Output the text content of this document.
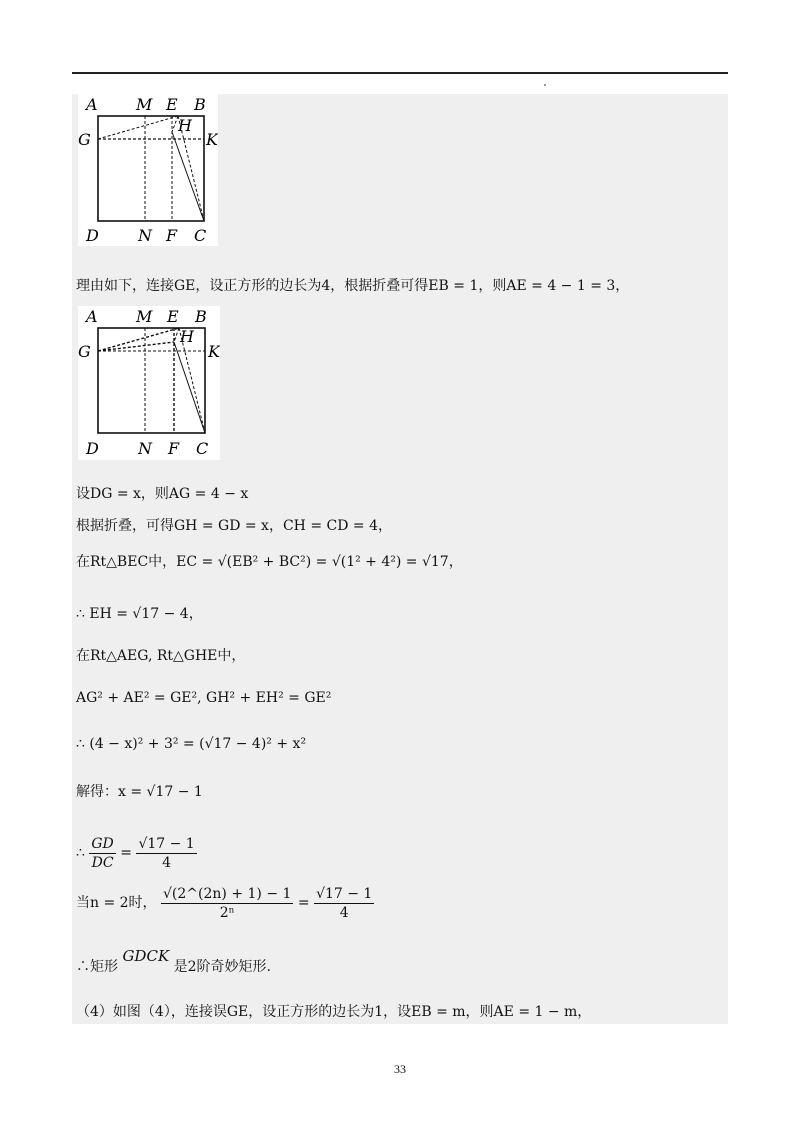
A M E B
H
G	K
D N F C
理由如下，连接GE，设正方形的边长为4，根据折叠可得EB = 1，则AE = 4 − 1 = 3，
A M E B
H
G	K
D N F C
设DG = x，则AG = 4 − x
根据折叠，可得GH = GD = x，CH = CD = 4，
在Rt△BEC中，EC = √(EB² + BC²) = √(1² + 4²) = √17，
∴ EH = √17 − 4，
在Rt△AEG, Rt△GHE中，
AG² + AE² = GE², GH² + EH² = GE²
∴ (4 − x)² + 3² = (√17 − 4)² + x²
解得：x = √17 − 1
∴ $\frac{GD}{DC} = \frac{√17 - 1}{4}$
当n = 2时， $\frac{√(2\^{}(2n) + 1) - 1}{\text{2ⁿ}} = \frac{√17 - 1}{4}$
∴矩形 GDCK 是2阶奇妙矩形.
（4）如图（4），连接误GE，设正方形的边长为1，设EB = m，则AE = 1 − m，
33
